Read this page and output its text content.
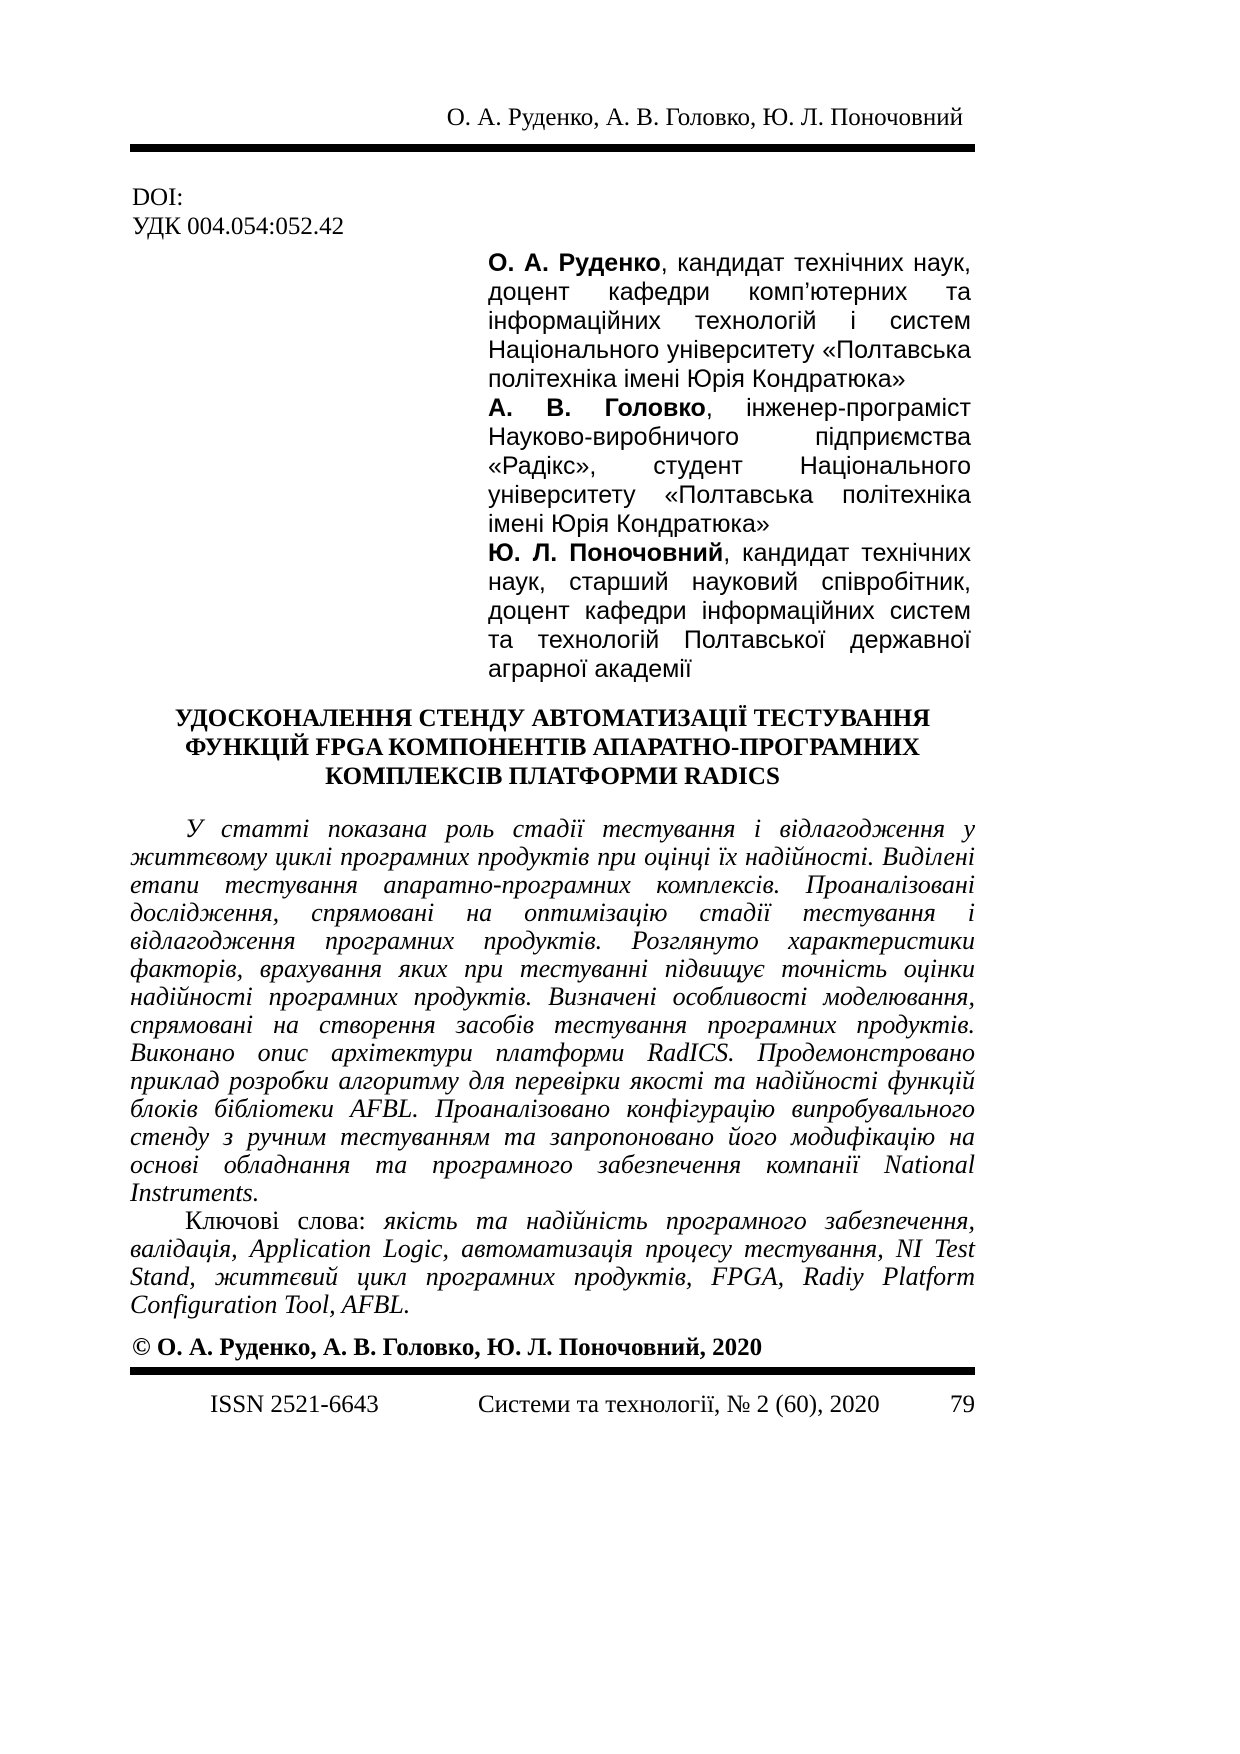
О. А. Руденко, А. В. Головко, Ю. Л. Поночовний

DOI:

УДК 004.054:052.42

О. А. Руденко, кандидат технічних наук, доцент кафедри комп’ютерних та інформаційних технологій і систем Національного університету «Полтавська політехніка імені Юрія Кондратюка»

А. В. Головко, інженер-програміст Науково-виробничого підприємства «Радікс», студент Національного університету «Полтавська політехніка імені Юрія Кондратюка»

Ю. Л. Поночовний, кандидат технічних наук, старший науковий співробітник, доцент кафедри інформаційних систем та технологій Полтавської державної аграрної академії

УДОСКОНАЛЕННЯ СТЕНДУ АВТОМАТИЗАЦІЇ ТЕСТУВАННЯ
ФУНКЦІЙ FPGA КОМПОНЕНТІВ АПАРАТНО-ПРОГРАМНИХ
КОМПЛЕКСІВ ПЛАТФОРМИ RADICS

У статті показана роль стадії тестування і відлагодження у життєвому циклі програмних продуктів при оцінці їх надійності. Виділені етапи тестування апаратно-програмних комплексів. Проаналізовані дослідження, спрямовані на оптимізацію стадії тестування і відлагодження програмних продуктів. Розглянуто характеристики факторів, врахування яких при тестуванні підвищує точність оцінки надійності програмних продуктів. Визначені особливості моделювання, спрямовані на створення засобів тестування програмних продуктів. Виконано опис архітектури платформи RadICS. Продемонстровано приклад розробки алгоритму для перевірки якості та надійності функцій блоків бібліотеки AFBL. Проаналізовано конфігурацію випробувального стенду з ручним тестуванням та запропоновано його модифікацію на основі обладнання та програмного забезпечення компанії National Instruments.

Ключові слова: якість та надійність програмного забезпечення, валідація, Application Logic, автоматизація процесу тестування, NI Test Stand, життєвий цикл програмних продуктів, FPGA, Radiy Platform Configuration Tool, AFBL.

© О. А. Руденко, А. В. Головко, Ю. Л. Поночовний, 2020

ISSN 2521-6643	Системи та технології, № 2 (60), 2020	79
